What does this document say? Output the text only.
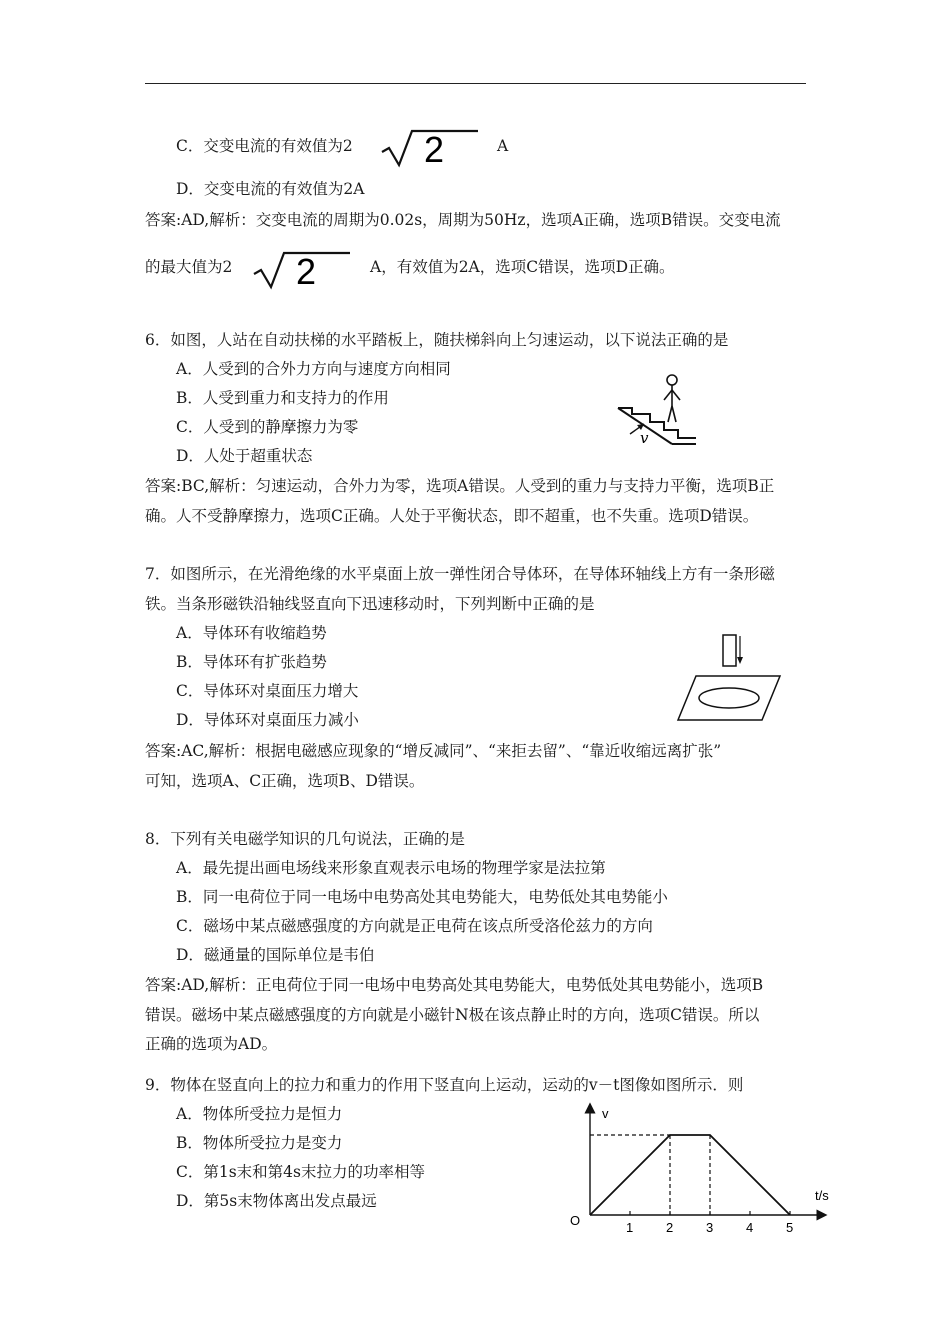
C．交变电流的有效值为2 2	A
D．交变电流的有效值为2A
答案:AD,解析：交变电流的周期为0.02s，周期为50Hz，选项A正确，选项B错误。交变电流
的最大值为2 2	A，有效值为2A，选项C错误，选项D正确。
6．如图，人站在自动扶梯的水平踏板上，随扶梯斜向上匀速运动，以下说法正确的是
A．人受到的合外力方向与速度方向相同
B．人受到重力和支持力的作用
C．人受到的静摩擦力为零
D．人处于超重状态
v
答案:BC,解析：匀速运动，合外力为零，选项A错误。人受到的重力与支持力平衡，选项B正
确。人不受静摩擦力，选项C正确。人处于平衡状态，即不超重，也不失重。选项D错误。
7．如图所示，在光滑绝缘的水平桌面上放一弹性闭合导体环，在导体环轴线上方有一条形磁
铁。当条形磁铁沿轴线竖直向下迅速移动时，下列判断中正确的是
A．导体环有收缩趋势
B．导体环有扩张趋势
C．导体环对桌面压力增大
D．导体环对桌面压力减小
答案:AC,解析：根据电磁感应现象的“增反减同”、“来拒去留”、“靠近收缩远离扩张”
可知，选项A、C正确，选项B、D错误。
8．下列有关电磁学知识的几句说法，正确的是
A．最先提出画电场线来形象直观表示电场的物理学家是法拉第
B．同一电荷位于同一电场中电势高处其电势能大，电势低处其电势能小
C．磁场中某点磁感强度的方向就是正电荷在该点所受洛伦兹力的方向
D．磁通量的国际单位是韦伯
答案:AD,解析：正电荷位于同一电场中电势高处其电势能大，电势低处其电势能小，选项B
错误。磁场中某点磁感强度的方向就是小磁针N极在该点静止时的方向，选项C错误。所以
正确的选项为AD。
9．物体在竖直向上的拉力和重力的作用下竖直向上运动，运动的v－t图像如图所示．则
A．物体所受拉力是恒力
B．物体所受拉力是变力
C．第1s末和第4s末拉力的功率相等
D．第5s末物体离出发点最远
v
t/s
O	1	2	3	4	5
